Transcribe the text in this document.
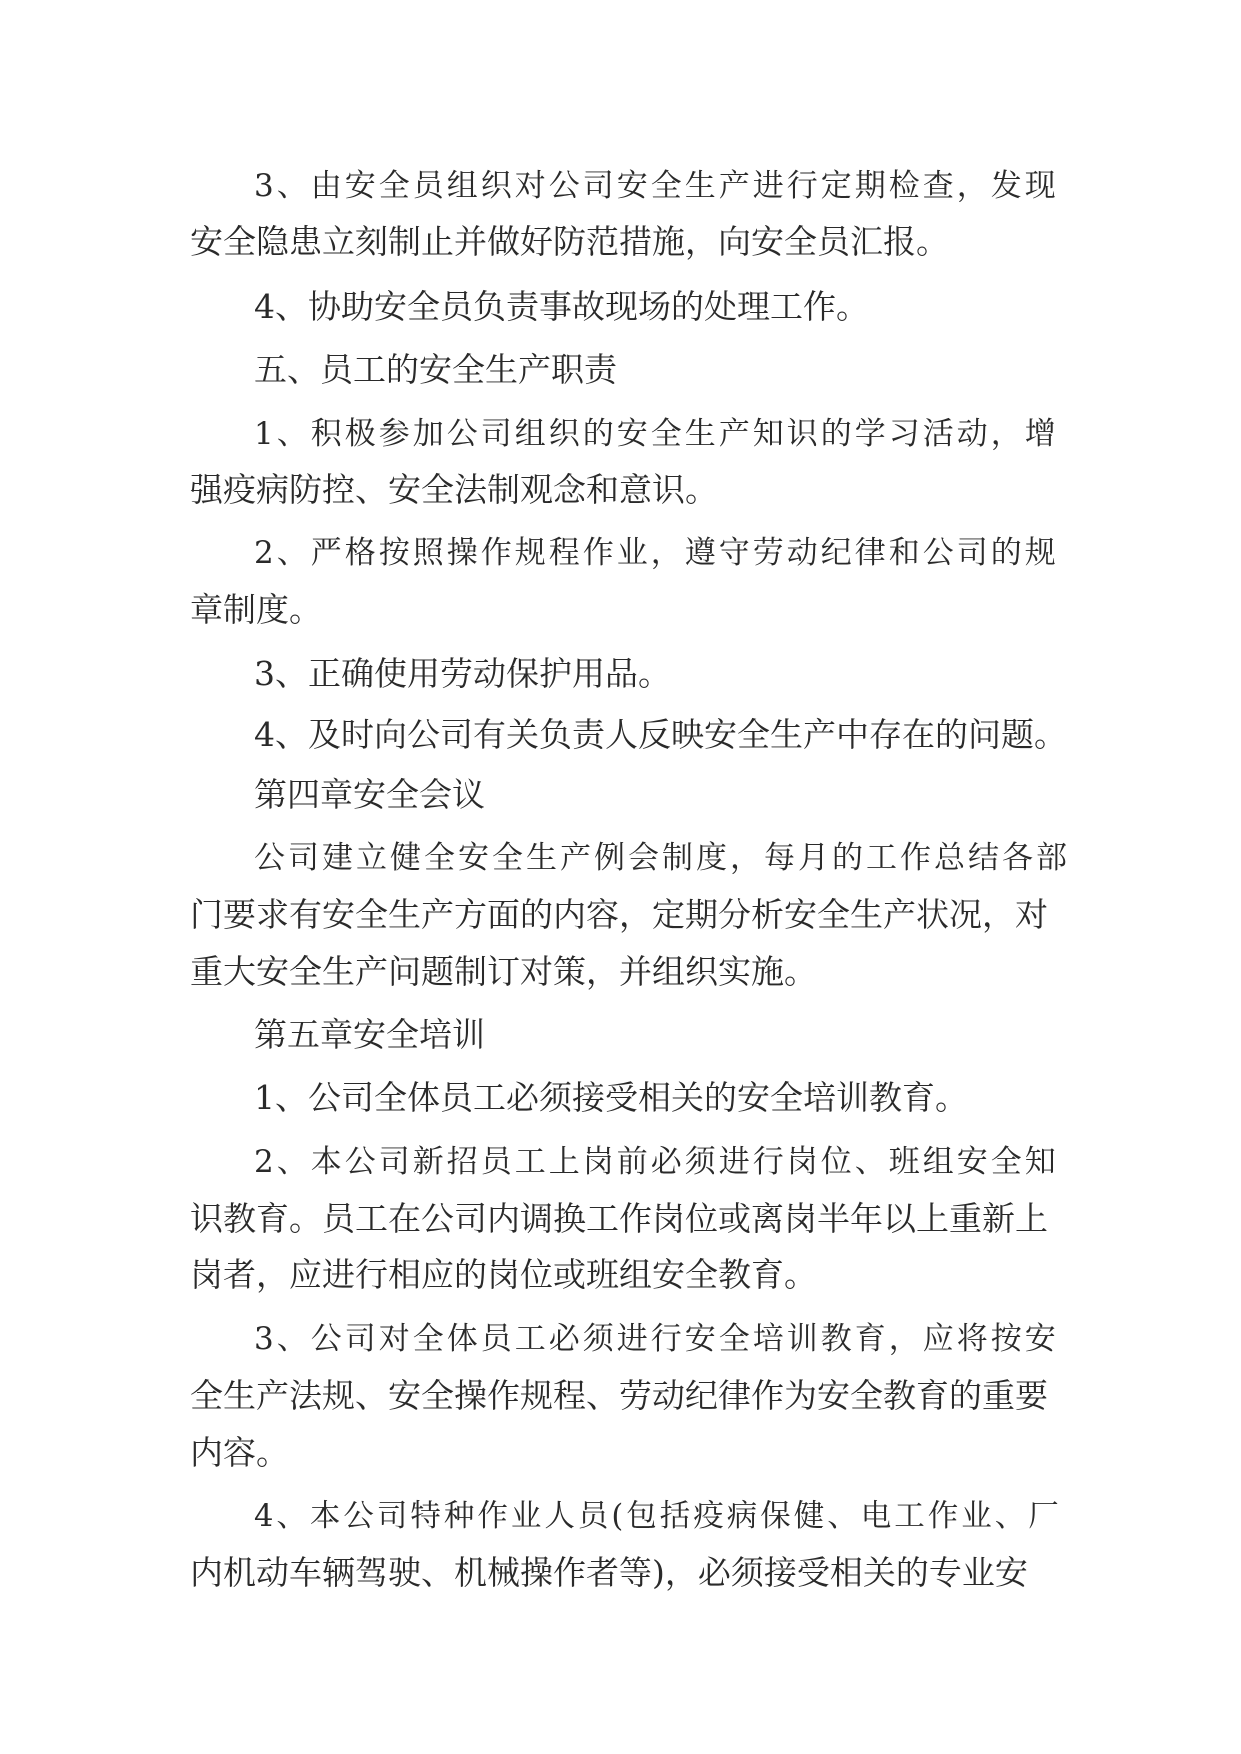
3、由安全员组织对公司安全生产进行定期检查，发现
安全隐患立刻制止并做好防范措施，向安全员汇报。
4、协助安全员负责事故现场的处理工作。
五、员工的安全生产职责
1、积极参加公司组织的安全生产知识的学习活动，增
强疫病防控、安全法制观念和意识。
2、严格按照操作规程作业，遵守劳动纪律和公司的规
章制度。
3、正确使用劳动保护用品。
4、及时向公司有关负责人反映安全生产中存在的问题。
第四章安全会议
公司建立健全安全生产例会制度，每月的工作总结各部
门要求有安全生产方面的内容，定期分析安全生产状况，对
重大安全生产问题制订对策，并组织实施。
第五章安全培训
1、公司全体员工必须接受相关的安全培训教育。
2、本公司新招员工上岗前必须进行岗位、班组安全知
识教育。员工在公司内调换工作岗位或离岗半年以上重新上
岗者，应进行相应的岗位或班组安全教育。
3、公司对全体员工必须进行安全培训教育，应将按安
全生产法规、安全操作规程、劳动纪律作为安全教育的重要
内容。
4、本公司特种作业人员(包括疫病保健、电工作业、厂
内机动车辆驾驶、机械操作者等)，必须接受相关的专业安
